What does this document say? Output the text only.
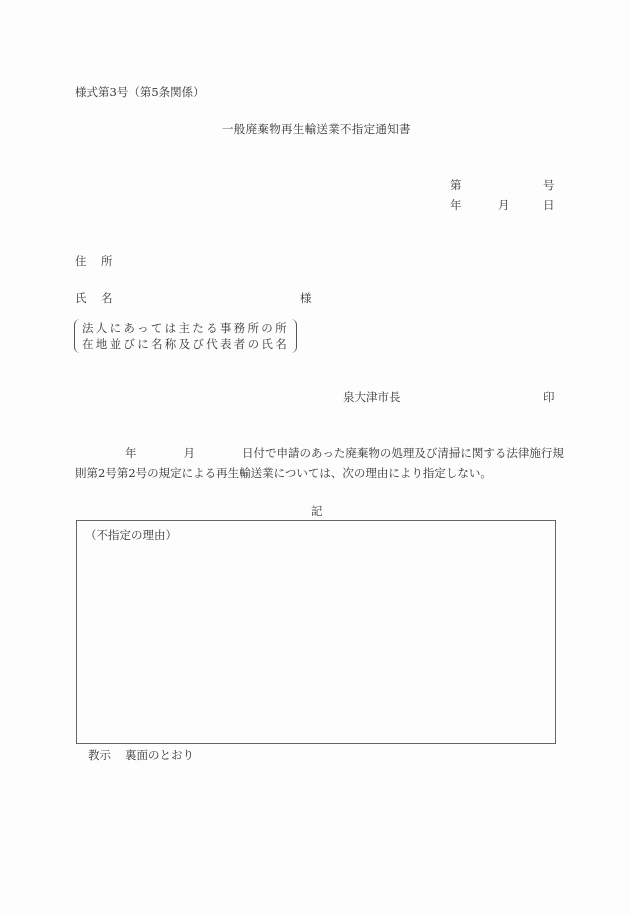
様式第3号（第5条関係）
一般廃棄物再生輸送業不指定通知書
第	号
年	月	日
住 所
氏 名	様
法人にあっては主たる事務所の所
在地並びに名称及び代表者の氏名
泉大津市長	印
年	月	日付で申請のあった廃棄物の処理及び清掃に関する法律施行規
則第2号第2号の規定による再生輸送業については、次の理由により指定しない。
記
（不指定の理由）
教示 裏面のとおり
